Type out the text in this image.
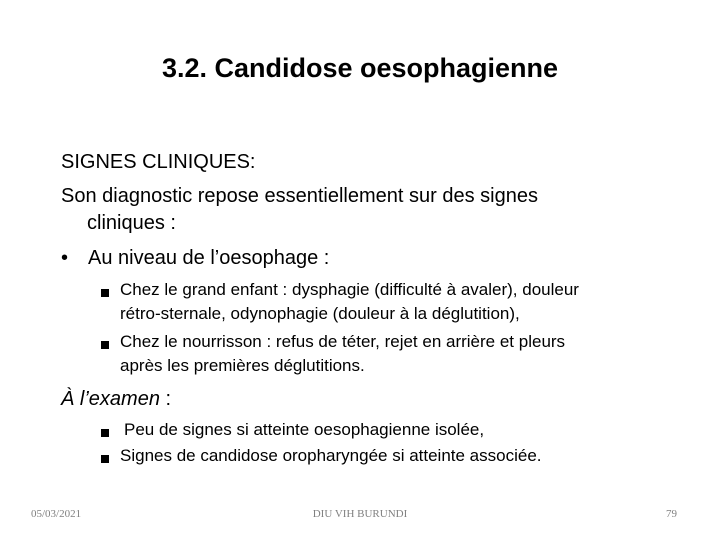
3.2. Candidose oesophagienne
SIGNES CLINIQUES:
Son diagnostic repose essentiellement sur des signes
cliniques :
• Au niveau de l’oesophage :
Chez le grand enfant : dysphagie (difficulté à avaler), douleur
rétro-sternale, odynophagie (douleur à la déglutition),
Chez le nourrisson : refus de téter, rejet en arrière et pleurs
après les premières déglutitions.
À l’examen :
Peu de signes si atteinte oesophagienne isolée,
Signes de candidose oropharyngée si atteinte associée.
05/03/2021	DIU VIH BURUNDI	79
